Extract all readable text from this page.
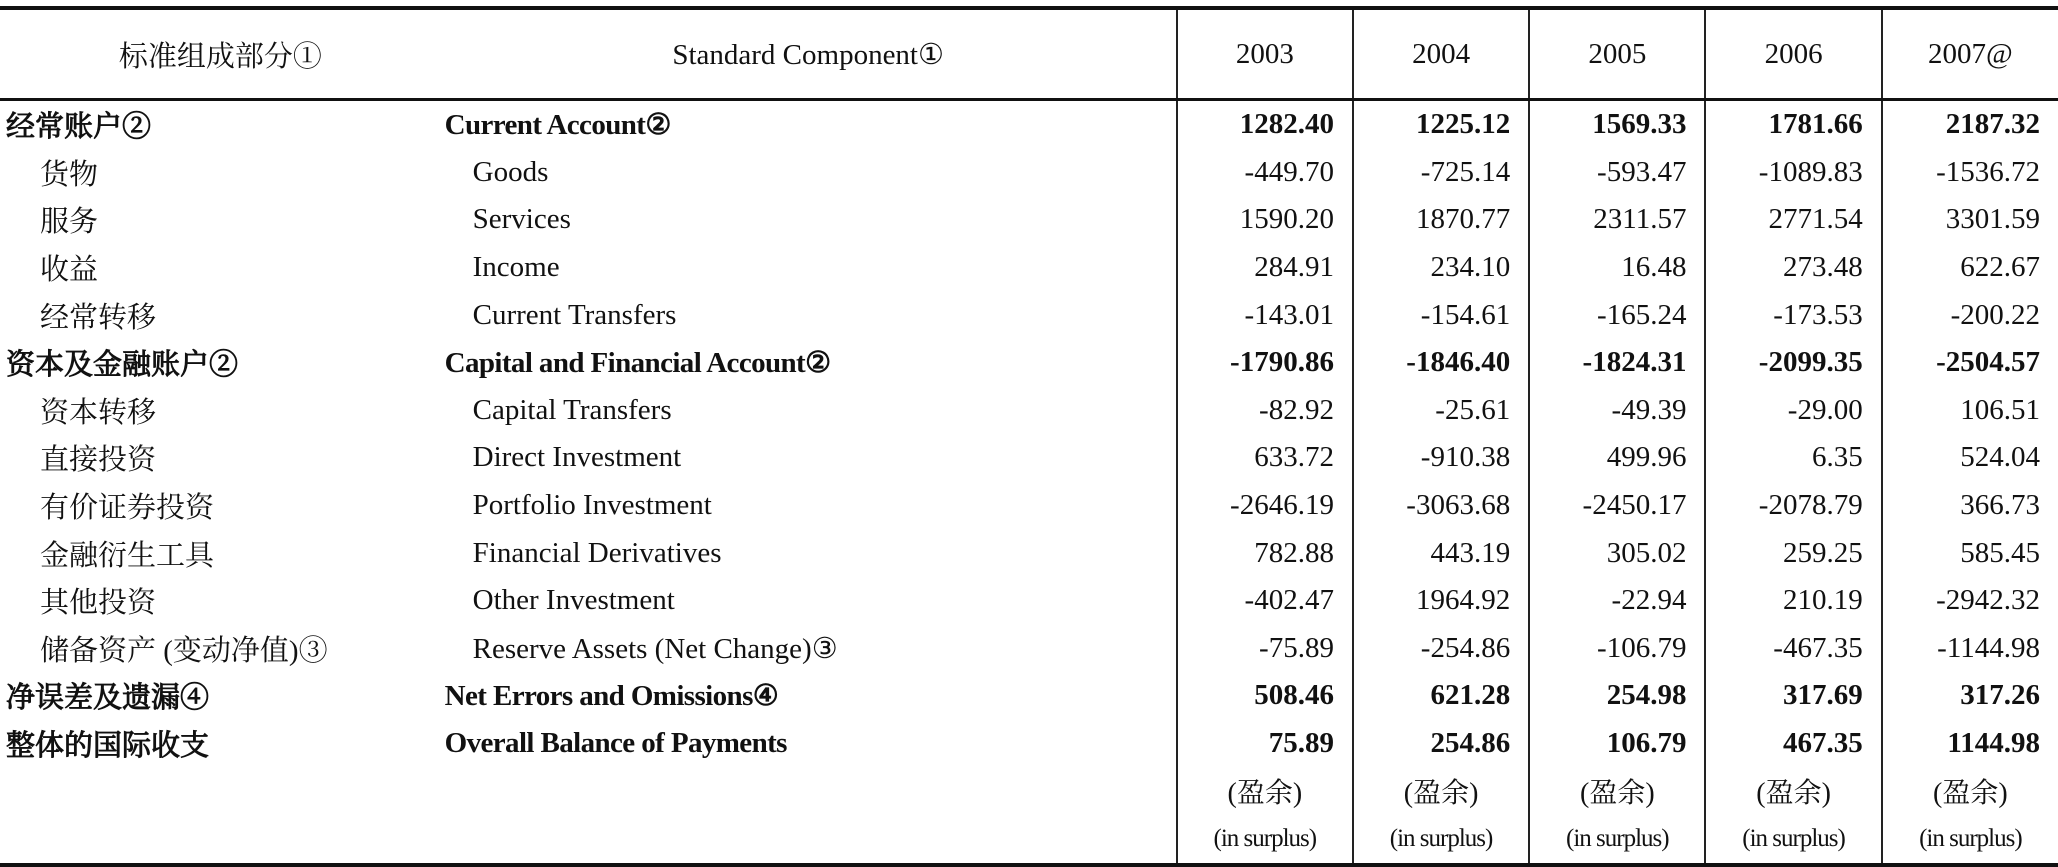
标准组成部分①	Standard Component①	2003	2004	2005	2006	2007@
经常账户②	Current Account②	1282.40	1225.12	1569.33	1781.66	2187.32
货物	Goods	-449.70	-725.14	-593.47	-1089.83	-1536.72
服务	Services	1590.20	1870.77	2311.57	2771.54	3301.59
收益	Income	284.91	234.10	16.48	273.48	622.67
经常转移	Current Transfers	-143.01	-154.61	-165.24	-173.53	-200.22
资本及金融账户②	Capital and Financial Account②	-1790.86	-1846.40	-1824.31	-2099.35	-2504.57
资本转移	Capital Transfers	-82.92	-25.61	-49.39	-29.00	106.51
直接投资	Direct Investment	633.72	-910.38	499.96	6.35	524.04
有价证券投资	Portfolio Investment	-2646.19	-3063.68	-2450.17	-2078.79	366.73
金融衍生工具	Financial Derivatives	782.88	443.19	305.02	259.25	585.45
其他投资	Other Investment	-402.47	1964.92	-22.94	210.19	-2942.32
储备资产 (变动净值)③	Reserve Assets (Net Change)③	-75.89	-254.86	-106.79	-467.35	-1144.98
净误差及遗漏④	Net Errors and Omissions④	508.46	621.28	254.98	317.69	317.26
整体的国际收支	Overall Balance of Payments	75.89	254.86	106.79	467.35	1144.98
		(盈余)	(盈余)	(盈余)	(盈余)	(盈余)
		(in surplus)	(in surplus)	(in surplus)	(in surplus)	(in surplus)
